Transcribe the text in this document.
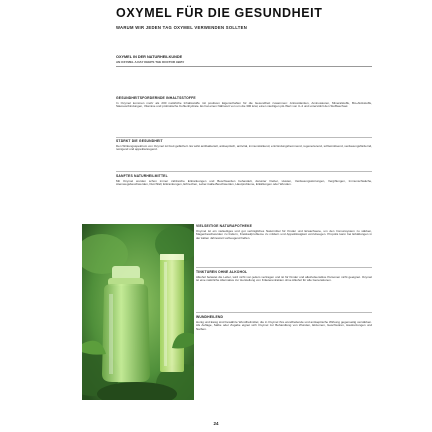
OXYMEL FÜR DIE GESUNDHEIT
WARUM WIR JEDEN TAG OXYMEL VERWENDEN SOLLTEN
OXYMEL IN DER NATURHEILKUNDE
AN OXYMEL A DAY KEEPS THE DOCTOR AWAY
GESUNDHEITSFÖRDERNDE INHALTSSTOFFE
In Oxymel kommen mehr als 200 natürliche Inhaltsstoffe mit positiven Eigenschaften für die Gesundheit zusammen: Antioxidantien, Aminosäuren, Mineralstoffe, Bio-Aktivstoffe, Säureverbindungen, Vitamine und probiotische Kohlenhydrate. Es hat einen Nährwert von um die 300 kcal, einen niedrigen pH-Wert von 3–4 und unterstützt den Stoffwechsel.
STÄRKT DIE GESUNDHEIT
Den Wirkungsspektrum von Oxymel ist breit gefächert. Es wirkt antibakteriell, antiseptisch, antiviral, immunstärkend, entzündungshemmend, regenerierend, schleimlösend, verdauungsfördernd, reinigend und appetitanregend.
SANFTES NATURHEILMITTEL
Mit Oxymel wurden schon immer zahlreiche Erkrankungen und Beschwerden behandelt, darunter Fieber, Husten, Verdauungsstörungen, Vergiftungen, Immunschwäche, Atemwegsbeschwerden, Durchfall, Erkrankungen, Erbrechen, Leber-Galle-Beschwerden, Hautprobleme, Erkältungen oder Wunden.
VIELSEITIGE NATURAPOTHEKE
Oxymel ist ein vielseitiges und gut verträgliches Naturmittel für Kinder und Erwachsene, um den Immunsystem zu stärken, Magenbeschwerden zu lindern, Kreislaufprobleme zu mildern und Appetitlosigkeit vorzubeugen. Propolis kann bei Erkältungen in der kalten Jahreszeit vorbeugend helfen.
TINKTUREN OHNE ALKOHOL
Alkohol belastet die Leber, wird nicht von jedem vertragen und ist für Kinder und alkoholsensitive Personen nicht geeignet. Oxymel ist eine natürliche Alternative zur Herstellung von Kräuterextrakten ohne Alkohol für alle Generationen.
WUNDHEILEND
Honig und Essig sind bewährte Wundheilmittel, die in Oxymel ihre wundheilende und antiseptische Wirkung gegenseitig verstärken. Als Auflage, Salbe oder Zugabe eignet sich Oxymel zur Behandlung von Wunden, Ekzemen, Geschwüren, Hautreizungen und Narben.
24
